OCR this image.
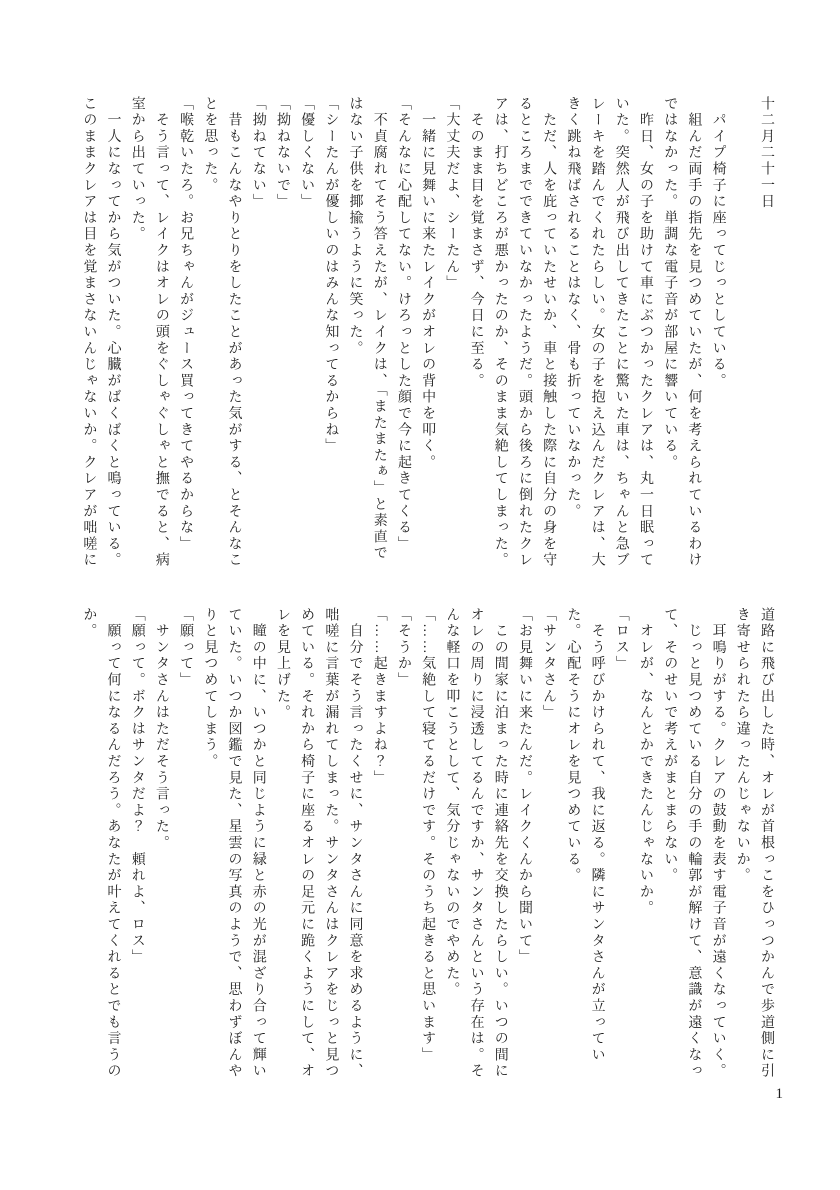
十二月二十一日

　パイプ椅子に座ってじっとしている。

　組んだ両手の指先を見つめていたが、何を考えられているわけではなかった。単調な電子音が部屋に響いている。

　昨日、女の子を助けて車にぶつかったクレアは、丸一日眠っていた。突然人が飛び出してきたことに驚いた車は、ちゃんと急ブレーキを踏んでくれたらしい。女の子を抱え込んだクレアは、大きく跳ね飛ばされることはなく、骨も折っていなかった。

　ただ、人を庇っていたせいか、車と接触した際に自分の身を守るところまでできていなかったようだ。頭から後ろに倒れたクレアは、打ちどころが悪かったのか、そのまま気絶してしまった。

　そのまま目を覚まさず、今日に至る。

「大丈夫だよ、シーたん」

　一緒に見舞いに来たレイクがオレの背中を叩く。

「そんなに心配してない。けろっとした顔で今に起きてくる」

　不貞腐れてそう答えたが、レイクは、「またまたぁ」と素直ではない子供を揶揄うように笑った。

「シーたんが優しいのはみんな知ってるからね」

「優しくない」

「拗ねないで」

「拗ねてない」

　昔もこんなやりとりをしたことがあった気がする、とそんなことを思った。

「喉乾いたろ。お兄ちゃんがジュース買ってきてやるからな」

　そう言って、レイクはオレの頭をぐしゃぐしゃと撫でると、病室から出ていった。

　一人になってから気がついた。心臓がばくばくと鳴っている。このままクレアは目を覚まさないんじゃないか。クレアが咄嗟に

道路に飛び出した時、オレが首根っこをひっつかんで歩道側に引き寄せられたら違ったんじゃないか。

　耳鳴りがする。クレアの鼓動を表す電子音が遠くなっていく。

　じっと見つめている自分の手の輪郭が解けて、意識が遠くなって、そのせいで考えがまとまらない。

　オレが、なんとかできたんじゃないか。

「ロス」

　そう呼びかけられて、我に返る。隣にサンタさんが立っていた。心配そうにオレを見つめている。

「サンタさん」

「お見舞いに来たんだ。レイクくんから聞いて」

　この間家に泊まった時に連絡先を交換したらしい。いつの間にオレの周りに浸透してるんですか、サンタさんという存在は。そんな軽口を叩こうとして、気分じゃないのでやめた。

「……気絶して寝てるだけです。そのうち起きると思います」

「そうか」

「……起きますよね？」

　自分でそう言ったくせに、サンタさんに同意を求めるように、咄嗟に言葉が漏れてしまった。サンタさんはクレアをじっと見つめている。それから椅子に座るオレの足元に跪くようにして、オレを見上げた。

　瞳の中に、いつかと同じように緑と赤の光が混ざり合って輝いていた。いつか図鑑で見た、星雲の写真のようで、思わずぼんやりと見つめてしまう。

「願って」

　サンタさんはただそう言った。

「願って。ボクはサンタだよ？　頼れよ、ロス」

　願って何になるんだろう。あなたが叶えてくれるとでも言うのか。

1
